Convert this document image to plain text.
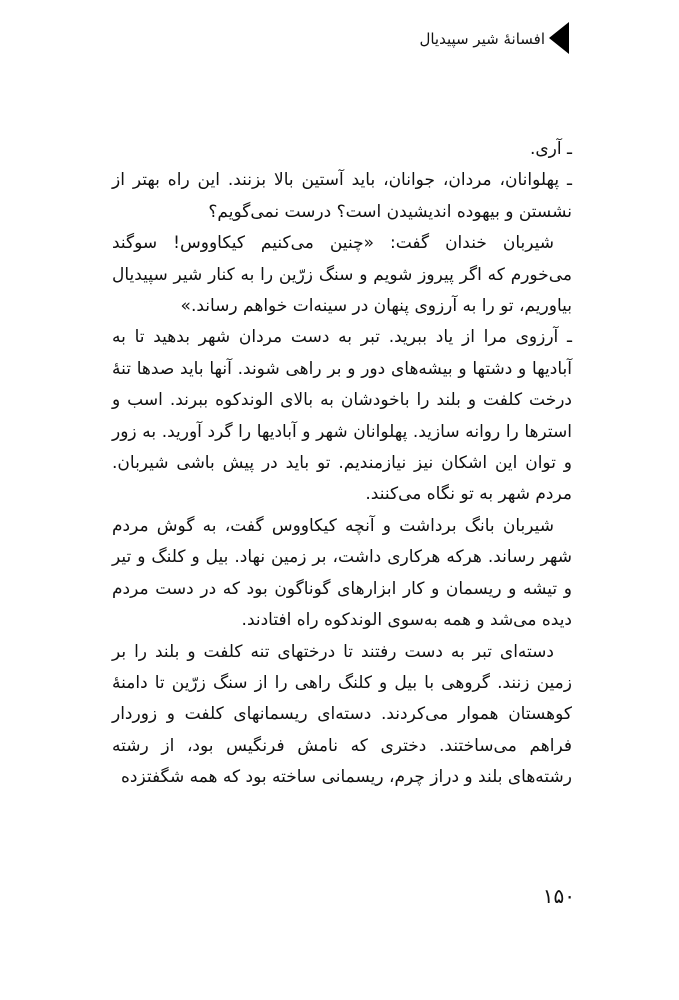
افسانهٔ شیر سپیدیال

ـ آری.

ـ پهلوانان، مردان، جوانان، باید آستین بالا بزنند. این راه بهتر از نشستن و بیهوده اندیشیدن است؟ درست نمی‌گویم؟

شیربان خندان گفت: «چنین می‌کنیم کیکاووس! سوگند می‌خورم که اگر پیروز شویم و سنگ زرّین را به کنار شیر سپیدیال بیاوریم، تو را به آرزوی پنهان در سینه‌ات خواهم رساند.»

ـ آرزوی مرا از یاد ببرید. تبر به دست مردان شهر بدهید تا به آبادیها و دشتها و بیشه‌های دور و بر راهی شوند. آنها باید صدها تنهٔ درخت کلفت و بلند را باخودشان به بالای الوندکوه ببرند. اسب و استرها را روانه سازید. پهلوانان شهر و آبادیها را گرد آورید. به زور و توان این اشکان نیز نیازمندیم. تو باید در پیش باشی شیربان. مردم شهر به تو نگاه می‌کنند.

شیربان بانگ برداشت و آنچه کیکاووس گفت، به گوش مردم شهر رساند. هرکه هرکاری داشت، بر زمین نهاد. بیل و کلنگ و تیر و تیشه و ریسمان و کار ابزارهای گوناگون بود که در دست مردم دیده می‌شد و همه به‌سوی الوندکوه راه افتادند.

دسته‌ای تبر به دست رفتند تا درختهای تنه کلفت و بلند را بر زمین زنند. گروهی با بیل و کلنگ راهی را از سنگ زرّین تا دامنهٔ کوهستان هموار می‌کردند. دسته‌ای ریسمانهای کلفت و زوردار فراهم می‌ساختند. دختری که نامش فرنگیس بود، از رشته رشته‌های بلند و دراز چرم، ریسمانی ساخته بود که همه شگفتزده

۱۵۰
